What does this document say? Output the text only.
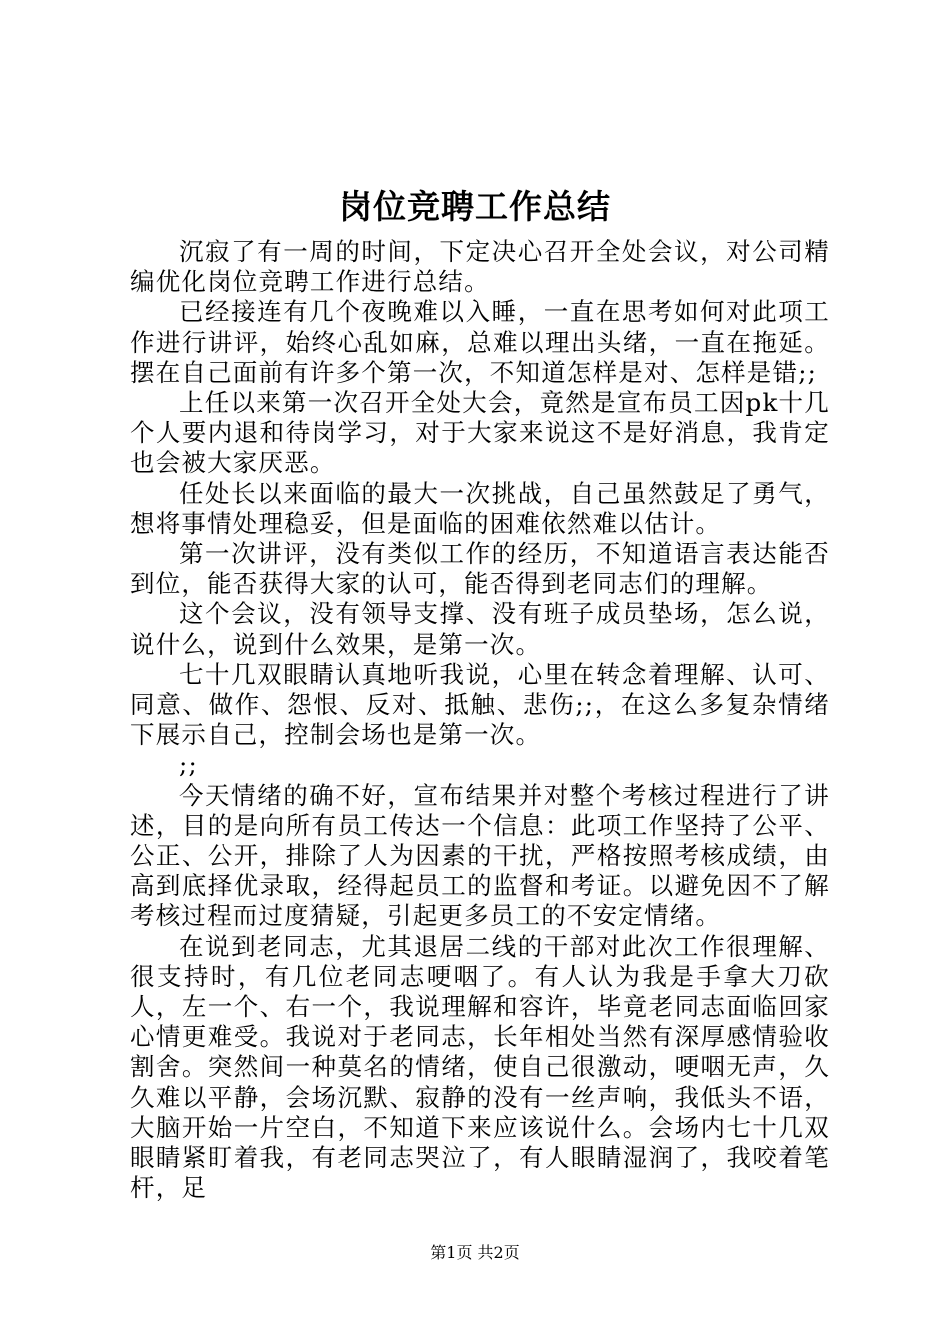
岗位竞聘工作总结

沉寂了有一周的时间，下定决心召开全处会议，对公司精编优化岗位竞聘工作进行总结。

已经接连有几个夜晚难以入睡，一直在思考如何对此项工作进行讲评，始终心乱如麻，总难以理出头绪，一直在拖延。摆在自己面前有许多个第一次，不知道怎样是对、怎样是错;;

上任以来第一次召开全处大会，竟然是宣布员工因pk十几个人要内退和待岗学习，对于大家来说这不是好消息，我肯定也会被大家厌恶。

任处长以来面临的最大一次挑战，自己虽然鼓足了勇气，想将事情处理稳妥，但是面临的困难依然难以估计。

第一次讲评，没有类似工作的经历，不知道语言表达能否到位，能否获得大家的认可，能否得到老同志们的理解。

这个会议，没有领导支撑、没有班子成员垫场，怎么说，说什么，说到什么效果，是第一次。

七十几双眼睛认真地听我说，心里在转念着理解、认可、同意、做作、怨恨、反对、抵触、悲伤;;，在这么多复杂情绪下展示自己，控制会场也是第一次。

;;

今天情绪的确不好，宣布结果并对整个考核过程进行了讲述，目的是向所有员工传达一个信息：此项工作坚持了公平、公正、公开，排除了人为因素的干扰，严格按照考核成绩，由高到底择优录取，经得起员工的监督和考证。以避免因不了解考核过程而过度猜疑，引起更多员工的不安定情绪。

在说到老同志，尤其退居二线的干部对此次工作很理解、很支持时，有几位老同志哽咽了。有人认为我是手拿大刀砍人，左一个、右一个，我说理解和容许，毕竟老同志面临回家心情更难受。我说对于老同志，长年相处当然有深厚感情验收割舍。突然间一种莫名的情绪，使自己很激动，哽咽无声，久久难以平静，会场沉默、寂静的没有一丝声响，我低头不语，大脑开始一片空白，不知道下来应该说什么。会场内七十几双眼睛紧盯着我，有老同志哭泣了，有人眼睛湿润了，我咬着笔杆，足

第1页 共2页
